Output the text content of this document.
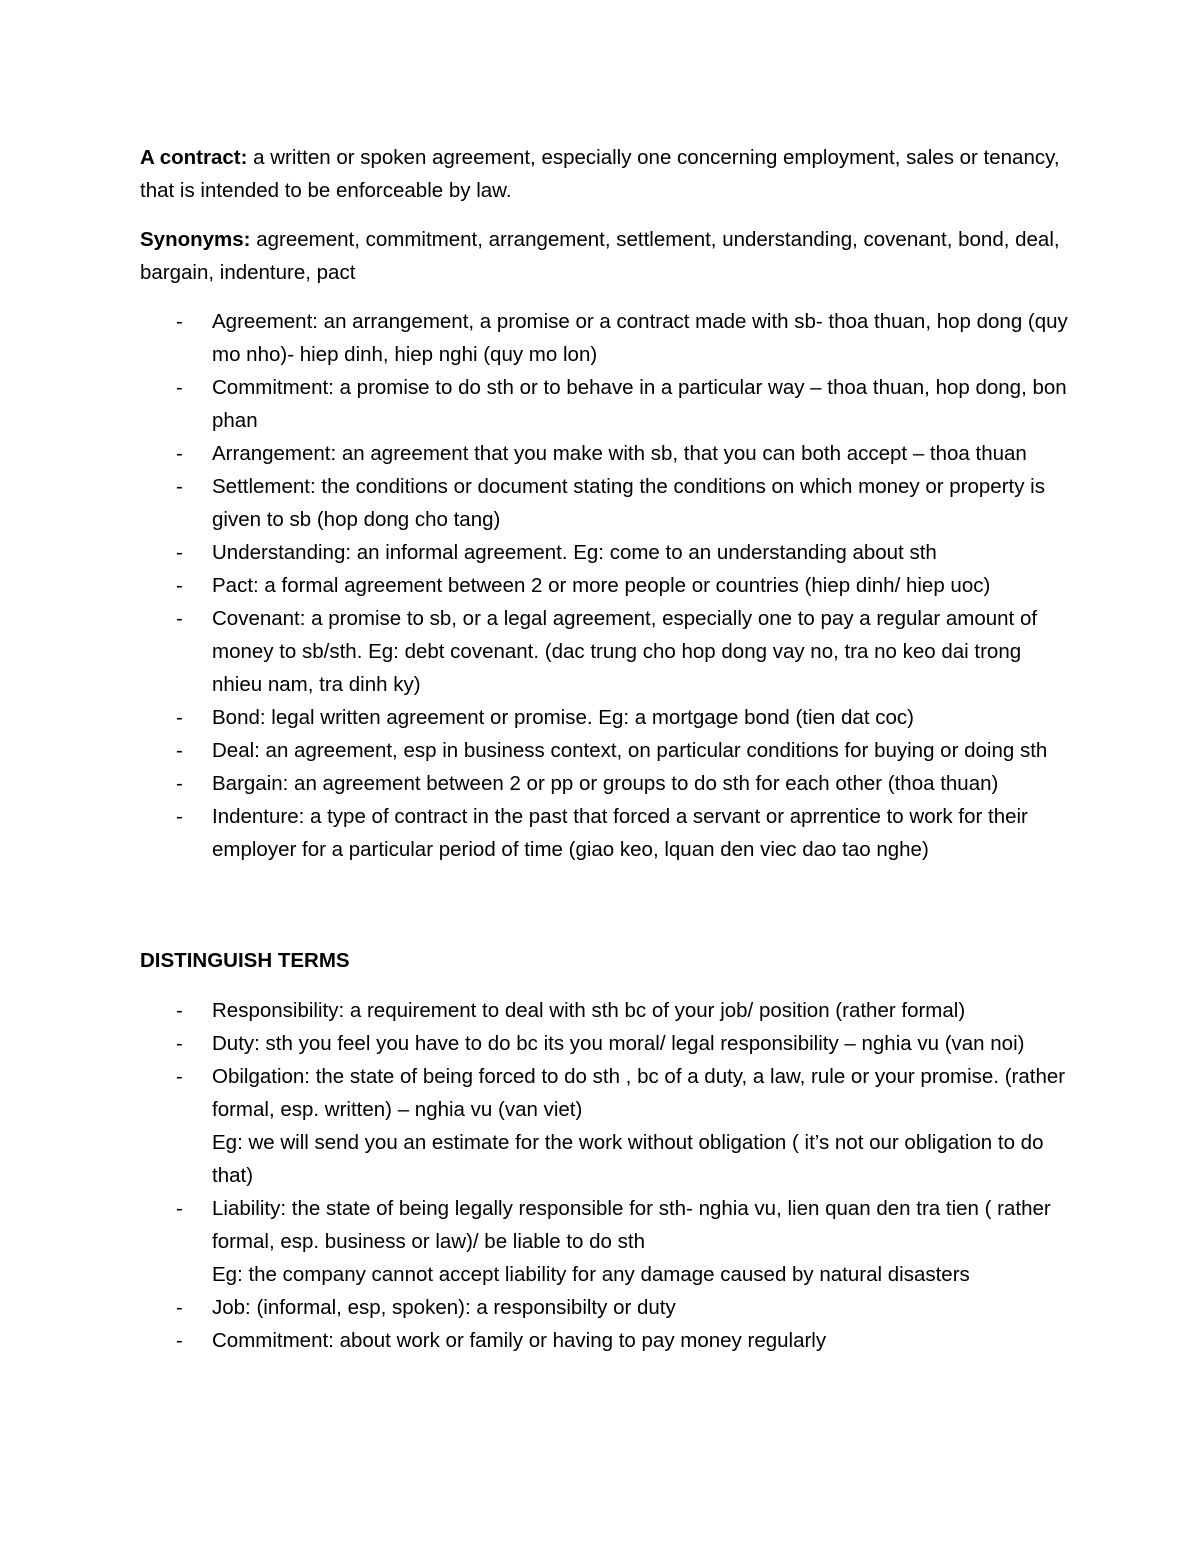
A contract: a written or spoken agreement, especially one concerning employment, sales or tenancy, that is intended to be enforceable by law.

Synonyms: agreement, commitment, arrangement, settlement, understanding, covenant, bond, deal, bargain, indenture, pact

- Agreement: an arrangement, a promise or a contract made with sb- thoa thuan, hop dong (quy mo nho)- hiep dinh, hiep nghi (quy mo lon)
- Commitment: a promise to do sth or to behave in a particular way – thoa thuan, hop dong, bon phan
- Arrangement: an agreement that you make with sb, that you can both accept – thoa thuan
- Settlement: the conditions or document stating the conditions on which money or property is given to sb (hop dong cho tang)
- Understanding: an informal agreement. Eg: come to an understanding about sth
- Pact: a formal agreement between 2 or more people or countries (hiep dinh/ hiep uoc)
- Covenant: a promise to sb, or a legal agreement, especially one to pay a regular amount of money to sb/sth. Eg: debt covenant. (dac trung cho hop dong vay no, tra no keo dai trong nhieu nam, tra dinh ky)
- Bond: legal written agreement or promise. Eg: a mortgage bond (tien dat coc)
- Deal: an agreement, esp in business context, on particular conditions for buying or doing sth
- Bargain: an agreement between 2 or pp or groups to do sth for each other (thoa thuan)
- Indenture: a type of contract in the past that forced a servant or aprrentice to work for their employer for a particular period of time (giao keo, lquan den viec dao tao nghe)
DISTINGUISH TERMS
- Responsibility: a requirement to deal with sth bc of your job/ position (rather formal)
- Duty: sth you feel you have to do bc its you moral/ legal responsibility – nghia vu (van noi)
- Obilgation: the state of being forced to do sth , bc of a duty, a law, rule or your promise. (rather formal, esp. written) – nghia vu (van viet)
Eg: we will send you an estimate for the work without obligation ( it’s not our obligation to do that)
- Liability: the state of being legally responsible for sth- nghia vu, lien quan den tra tien ( rather formal, esp. business or law)/ be liable to do sth
Eg: the company cannot accept liability for any damage caused by natural disasters
- Job: (informal, esp, spoken): a responsibilty or duty
- Commitment: about work or family or having to pay money regularly
